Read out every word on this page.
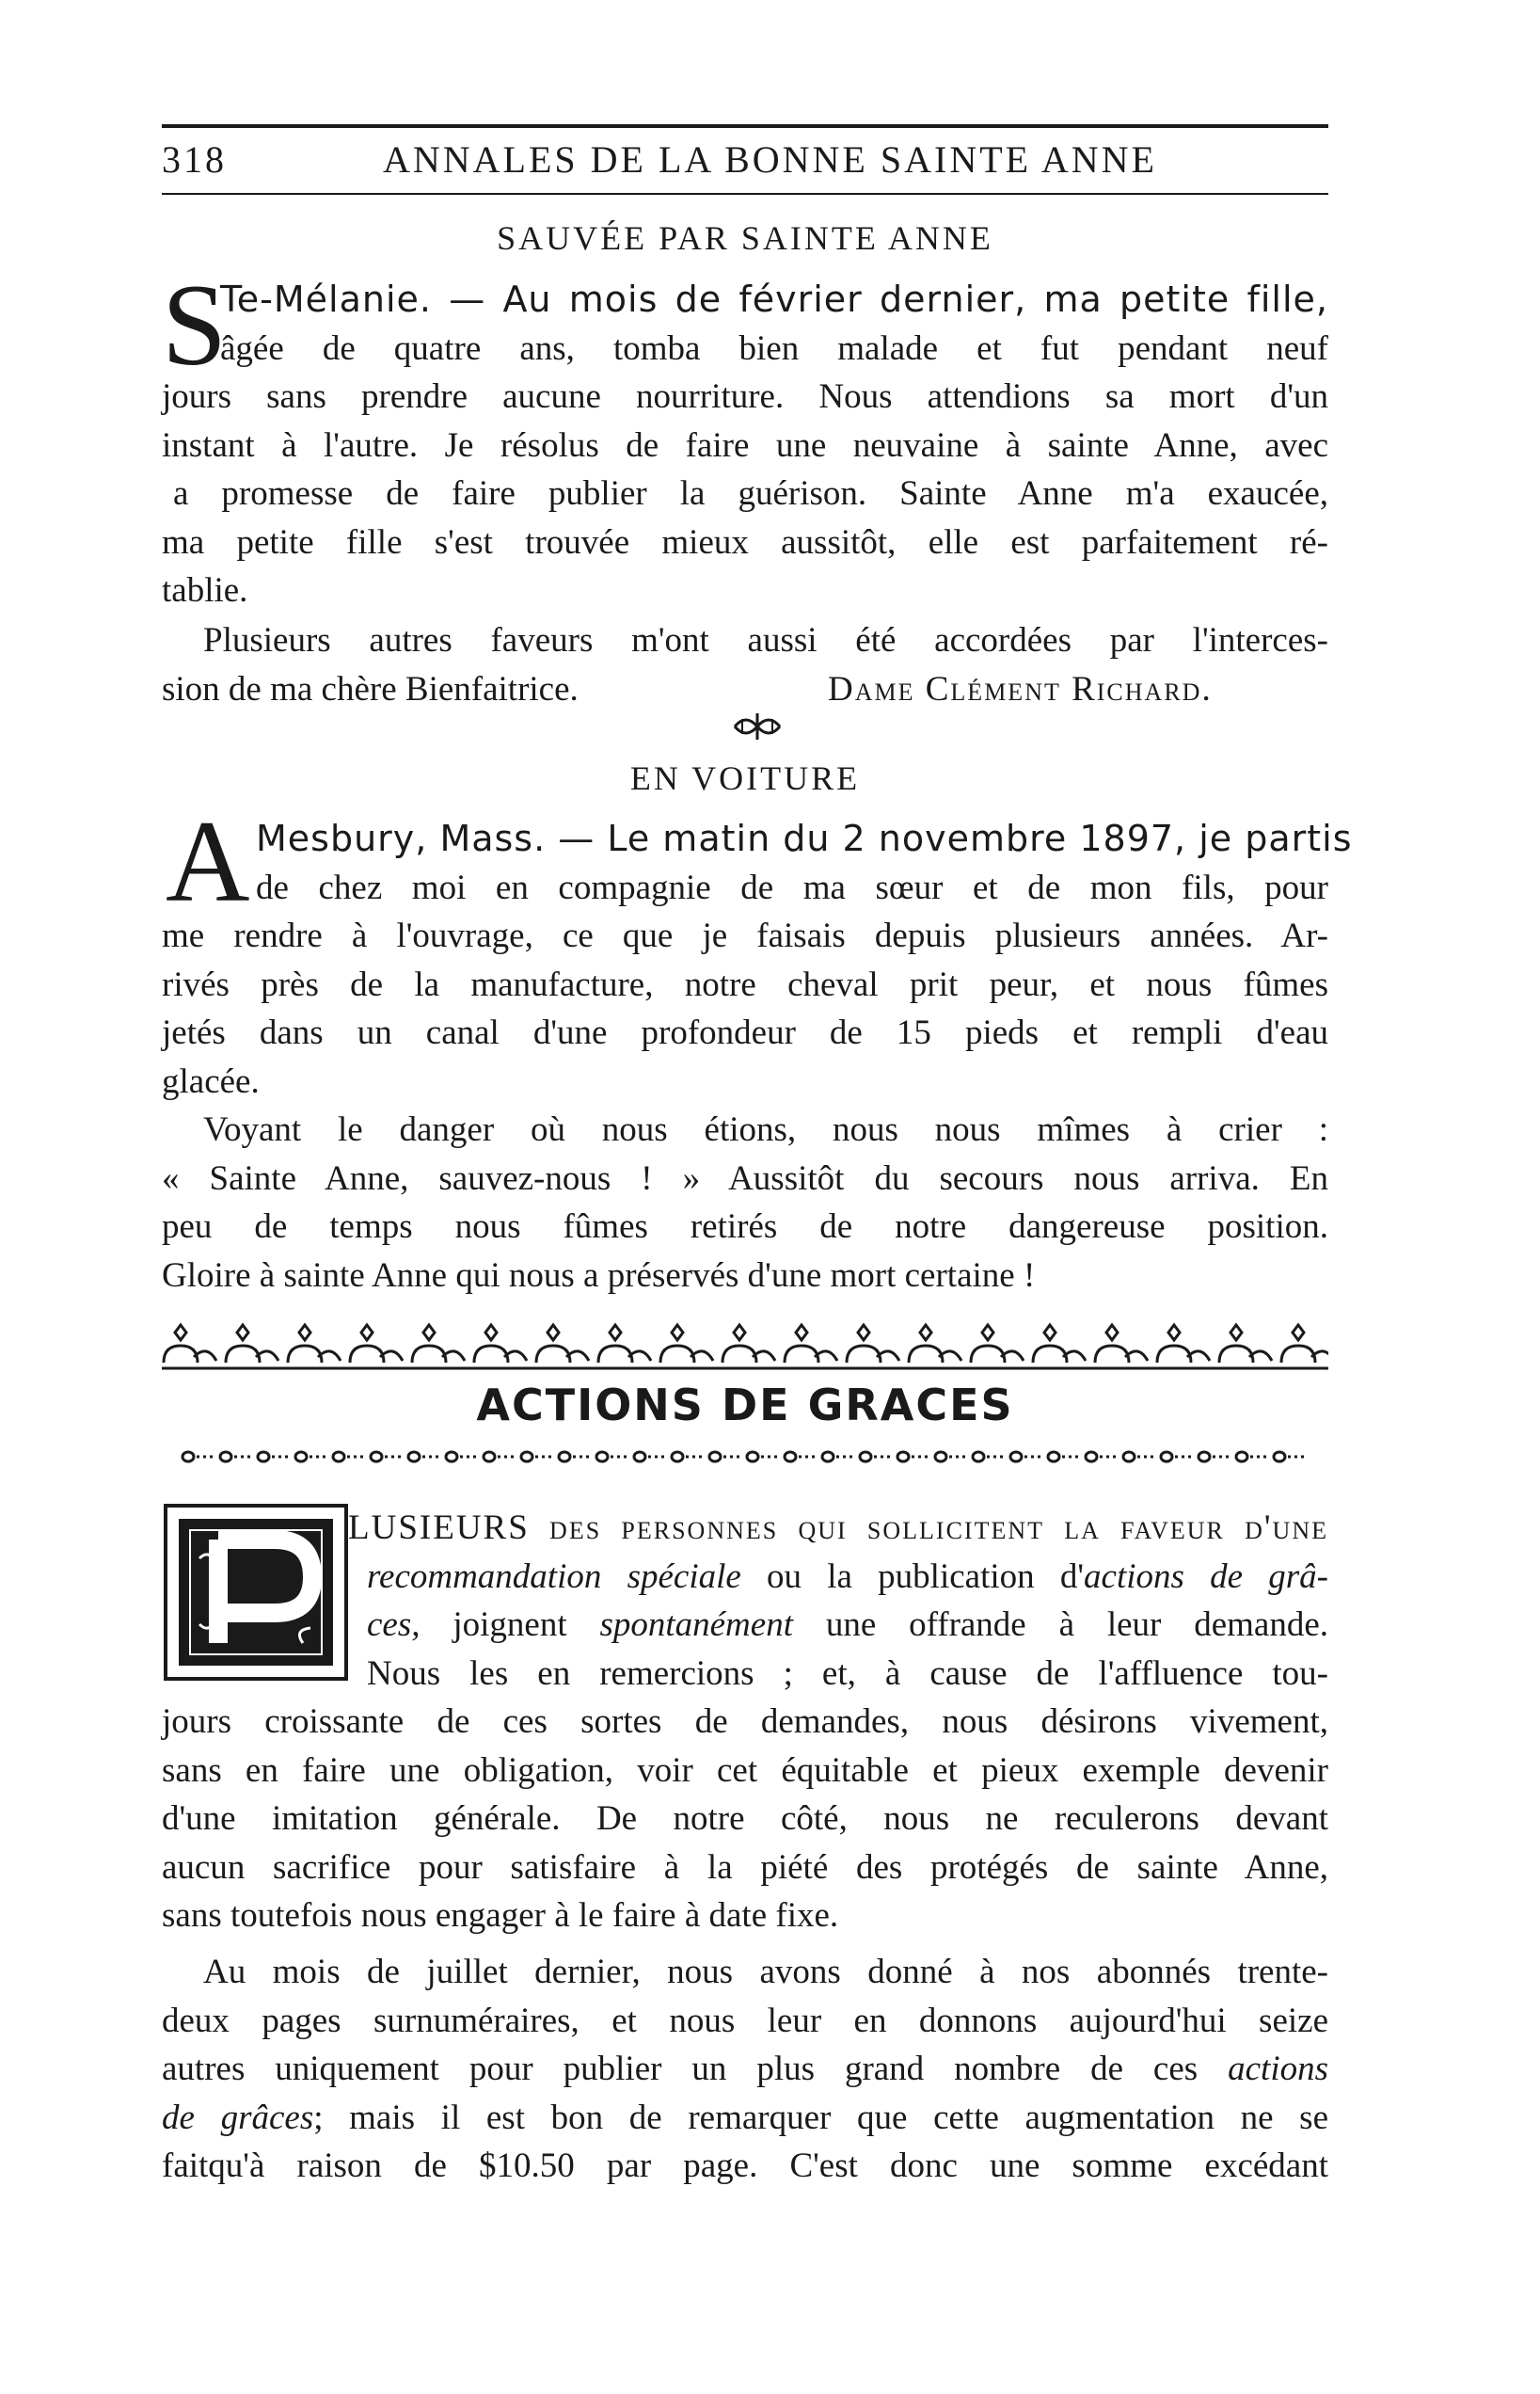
318	ANNALES DE LA BONNE SAINTE ANNE
SAUVÉE PAR SAINTE ANNE
S
Te-Mélanie. — Au mois de février dernier, ma petite fille,
âgée de quatre ans, tomba bien malade et fut pendant neuf
jours sans prendre aucune nourriture. Nous attendions sa mort d'un
instant à l'autre. Je résolus de faire une neuvaine à sainte Anne, avec
a promesse de faire publier la guérison. Sainte Anne m'a exaucée,
ma petite fille s'est trouvée mieux aussitôt, elle est parfaitement ré-
tablie.
Plusieurs autres faveurs m'ont aussi été accordées par l'interces-
sion de ma chère Bienfaitrice.	Dame Clément Richard.
EN VOITURE
A Mesbury, Mass. — Le matin du 2 novembre 1897, je partis
de chez moi en compagnie de ma sœur et de mon fils, pour
me rendre à l'ouvrage, ce que je faisais depuis plusieurs années. Ar-
rivés près de la manufacture, notre cheval prit peur, et nous fûmes
jetés dans un canal d'une profondeur de 15 pieds et rempli d'eau
glacée.
Voyant le danger où nous étions, nous nous mîmes à crier :
« Sainte Anne, sauvez-nous ! » Aussitôt du secours nous arriva. En
peu de temps nous fûmes retirés de notre dangereuse position.
Gloire à sainte Anne qui nous a préservés d'une mort certaine !
ACTIONS DE GRACES
LUSIEURS des personnes qui sollicitent la faveur d'une
recommandation spéciale ou la publication d'actions de grâ-
ces, joignent spontanément une offrande à leur demande.
Nous les en remercions ; et, à cause de l'affluence tou-
jours croissante de ces sortes de demandes, nous désirons vivement,
sans en faire une obligation, voir cet équitable et pieux exemple devenir
d'une imitation générale. De notre côté, nous ne reculerons devant
aucun sacrifice pour satisfaire à la piété des protégés de sainte Anne,
sans toutefois nous engager à le faire à date fixe.
Au mois de juillet dernier, nous avons donné à nos abonnés trente-
deux pages surnuméraires, et nous leur en donnons aujourd'hui seize
autres uniquement pour publier un plus grand nombre de ces actions
de grâces; mais il est bon de remarquer que cette augmentation ne se
faitqu'à raison de $10.50 par page. C'est donc une somme excédant
